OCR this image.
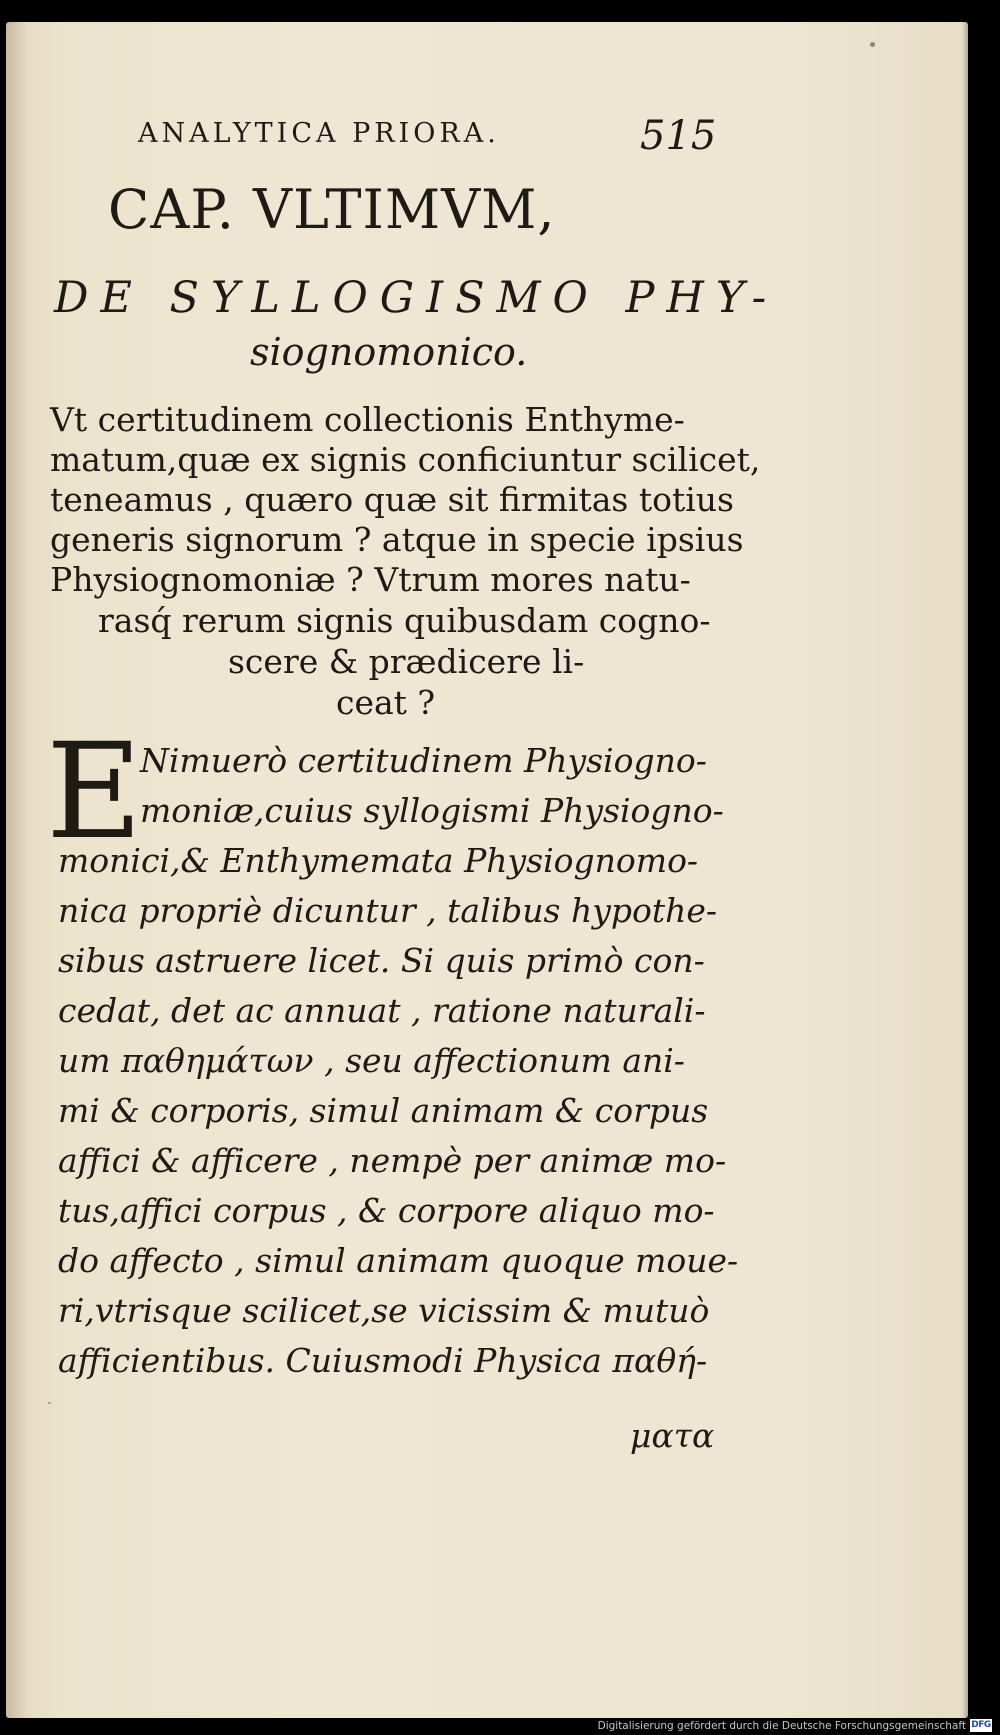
ANALYTICA PRIORA.	515
CAP. VLTIMVM,
DE SYLLOGISMO PHY-
siognomonico.
Vt certitudinem collectionis Enthyme-
matum,quæ ex signis conficiuntur scilicet,
teneamus , quæro quæ sit firmitas totius
generis signorum ? atque in specie ipsius
Physiognomoniæ ? Vtrum mores natu-
rasq́ rerum signis quibusdam cogno-
scere & prædicere li-
ceat ?
E
Nimuerò certitudinem Physiogno-
moniæ,cuius syllogismi Physiogno-
monici,& Enthymemata Physiognomo-
nica propriè dicuntur , talibus hypothe-
sibus astruere licet. Si quis primò con-
cedat, det ac annuat , ratione naturali-
um παθημάτων , seu affectionum ani-
mi & corporis, simul animam & corpus
affici & afficere , nempè per animæ mo-
tus,affici corpus , & corpore aliquo mo-
do affecto , simul animam quoque moue-
ri,vtrisque scilicet,se vicissim & mutuò
afficientibus. Cuiusmodi Physica παθή-
ματα
Digitalisierung gefördert durch die Deutsche Forschungsgemeinschaft DFG
